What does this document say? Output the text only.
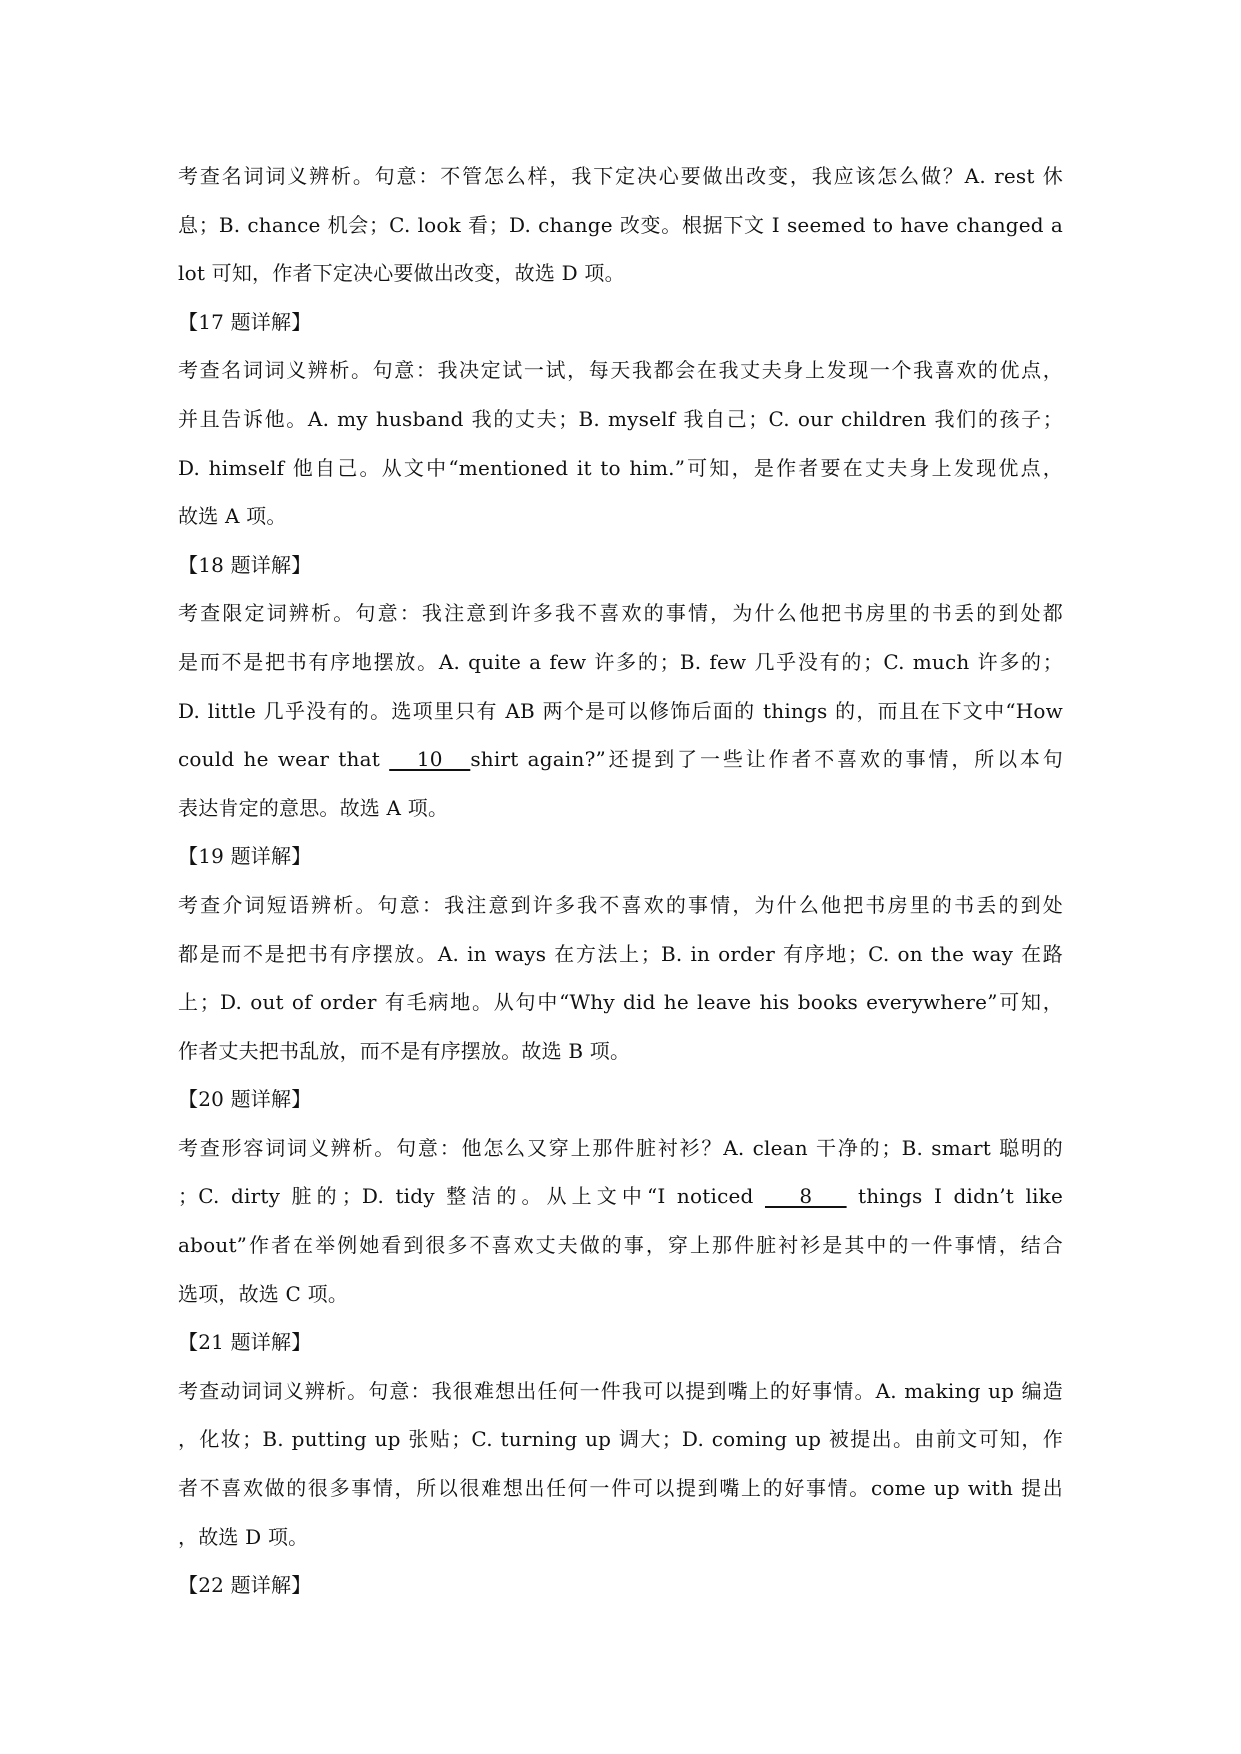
考查名词词义辨析。句意：不管怎么样，我下定决心要做出改变，我应该怎么做？A. rest 休
息；B. chance 机会；C. look 看；D. change 改变。根据下文 I seemed to have changed a
lot 可知，作者下定决心要做出改变，故选 D 项。
【17 题详解】
考查名词词义辨析。句意：我决定试一试，每天我都会在我丈夫身上发现一个我喜欢的优点，
并且告诉他。A. my husband 我的丈夫；B. myself 我自己；C. our children 我们的孩子；
D. himself 他自己。从文中“mentioned it to him.”可知，是作者要在丈夫身上发现优点，
故选 A 项。
【18 题详解】
考查限定词辨析。句意：我注意到许多我不喜欢的事情，为什么他把书房里的书丢的到处都
是而不是把书有序地摆放。A. quite a few 许多的；B. few 几乎没有的；C. much 许多的；
D. little 几乎没有的。选项里只有 AB 两个是可以修饰后面的 things 的，而且在下文中“How
could he wear that    10   shirt again?”还提到了一些让作者不喜欢的事情，所以本句
表达肯定的意思。故选 A 项。
【19 题详解】
考查介词短语辨析。句意：我注意到许多我不喜欢的事情，为什么他把书房里的书丢的到处
都是而不是把书有序摆放。A. in ways 在方法上；B. in order 有序地；C. on the way 在路
上；D. out of order 有毛病地。从句中“Why did he leave his books everywhere”可知，
作者丈夫把书乱放，而不是有序摆放。故选 B 项。
【20 题详解】
考查形容词词义辨析。句意：他怎么又穿上那件脏衬衫？A. clean 干净的；B. smart 聪明的
；C. dirty 脏的；D. tidy 整洁的。从上文中“I noticed    8    things I didn’t like
about”作者在举例她看到很多不喜欢丈夫做的事，穿上那件脏衬衫是其中的一件事情，结合
选项，故选 C 项。
【21 题详解】
考查动词词义辨析。句意：我很难想出任何一件我可以提到嘴上的好事情。A. making up 编造
，化妆；B. putting up 张贴；C. turning up 调大；D. coming up 被提出。由前文可知，作
者不喜欢做的很多事情，所以很难想出任何一件可以提到嘴上的好事情。come up with 提出
，故选 D 项。
【22 题详解】
